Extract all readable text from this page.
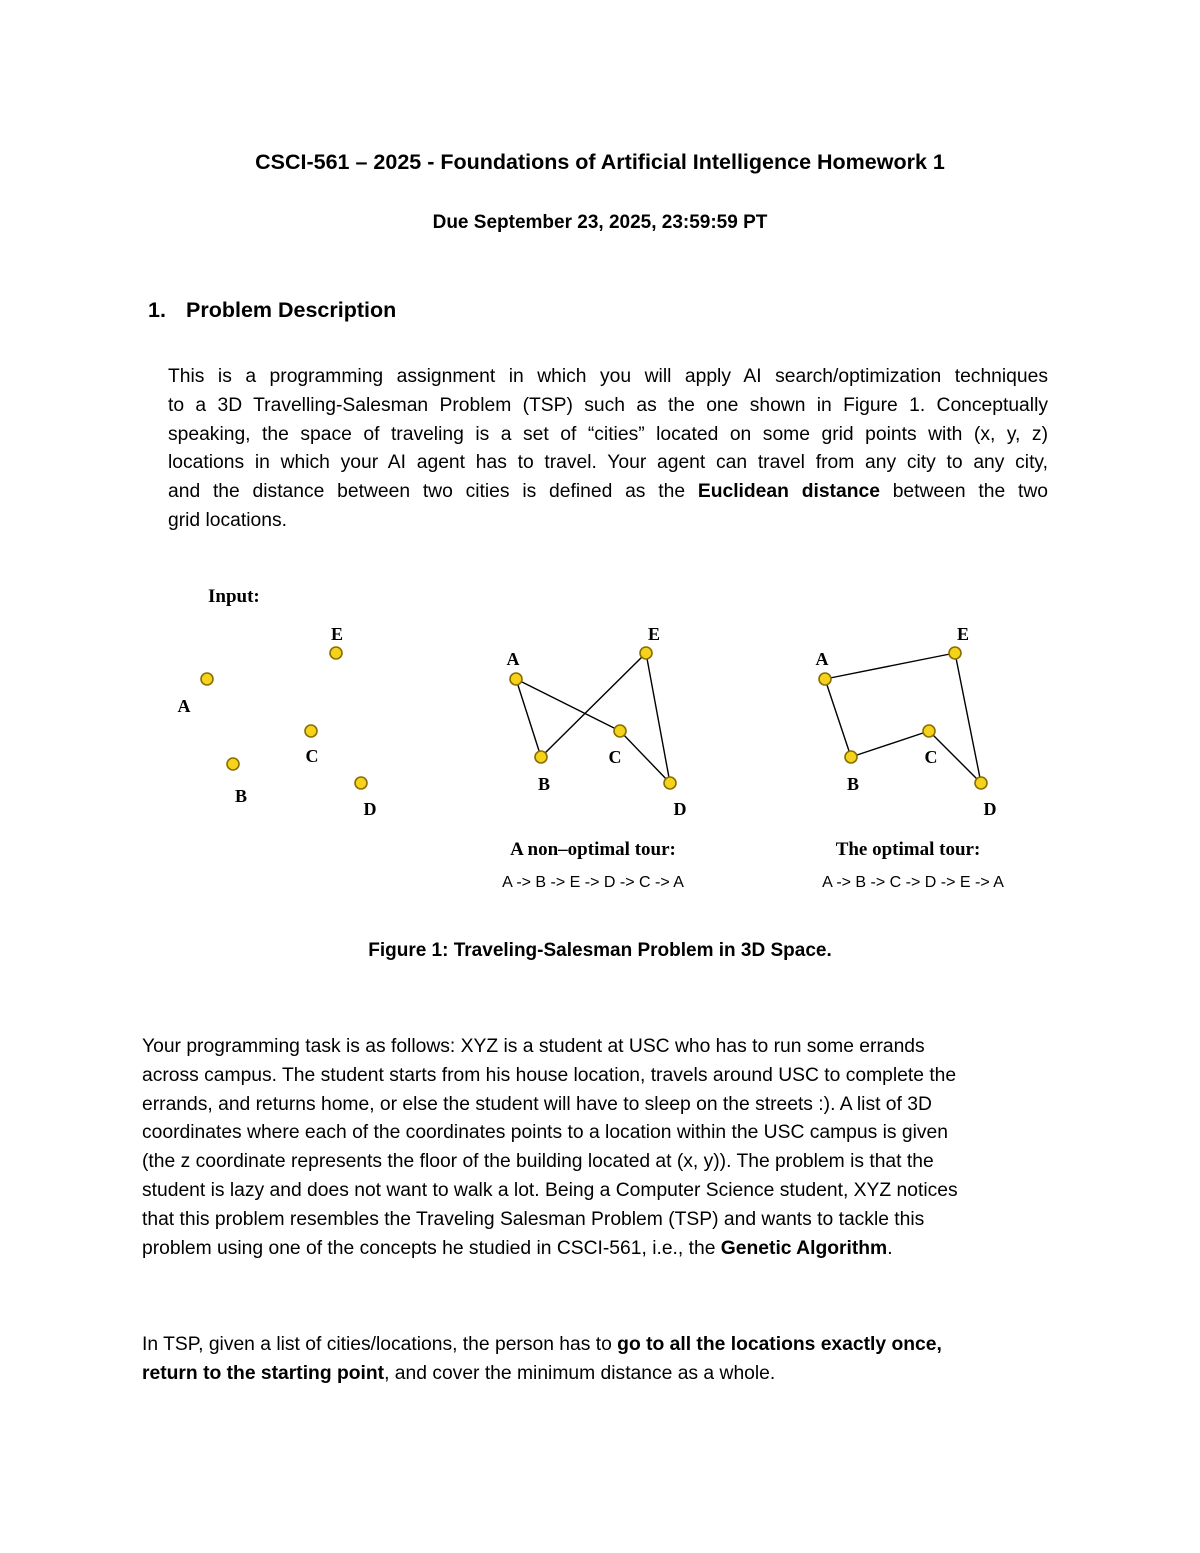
CSCI-561 – 2025 - Foundations of Artificial Intelligence Homework 1
Due September 23, 2025, 23:59:59 PT
1. Problem Description
This is a programming assignment in which you will apply AI search/optimization techniques
to a 3D Travelling-Salesman Problem (TSP) such as the one shown in Figure 1. Conceptually
speaking, the space of traveling is a set of “cities” located on some grid points with (x, y, z)
locations in which your AI agent has to travel. Your agent can travel from any city to any city,
and the distance between two cities is defined as the Euclidean distance between the two
grid locations.
Input:
E
A
C
B
D
A
E
C
B
D
A non–optimal tour:
A -> B -> E -> D -> C -> A
A
E
C
B
D
The optimal tour:
A -> B -> C -> D -> E -> A
Figure 1: Traveling-Salesman Problem in 3D Space.
Your programming task is as follows: XYZ is a student at USC who has to run some errands
across campus. The student starts from his house location, travels around USC to complete the
errands, and returns home, or else the student will have to sleep on the streets :). A list of 3D
coordinates where each of the coordinates points to a location within the USC campus is given
(the z coordinate represents the floor of the building located at (x, y)). The problem is that the
student is lazy and does not want to walk a lot. Being a Computer Science student, XYZ notices
that this problem resembles the Traveling Salesman Problem (TSP) and wants to tackle this
problem using one of the concepts he studied in CSCI-561, i.e., the Genetic Algorithm.
In TSP, given a list of cities/locations, the person has to go to all the locations exactly once,
return to the starting point, and cover the minimum distance as a whole.
